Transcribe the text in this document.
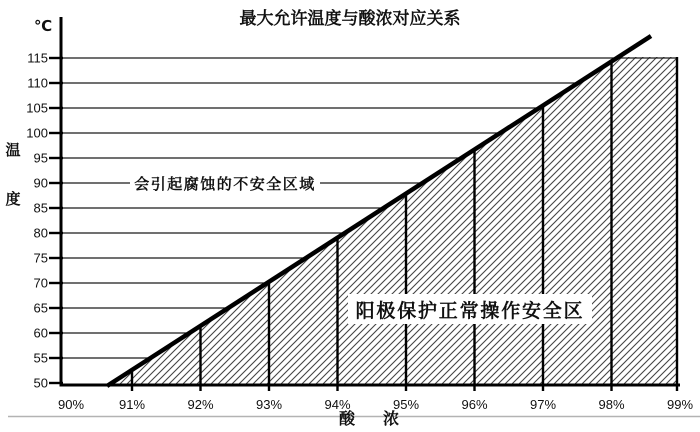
最大允许温度与酸浓对应关系
℃
温度
酸　浓
115
110
105
100
95
90
85
80
75
70
65
60
55
50
90%	91%	92%	93%	94%	95%	96%	97%	98%	99%
会引起腐蚀的不安全区域
阳极保护正常操作安全区
